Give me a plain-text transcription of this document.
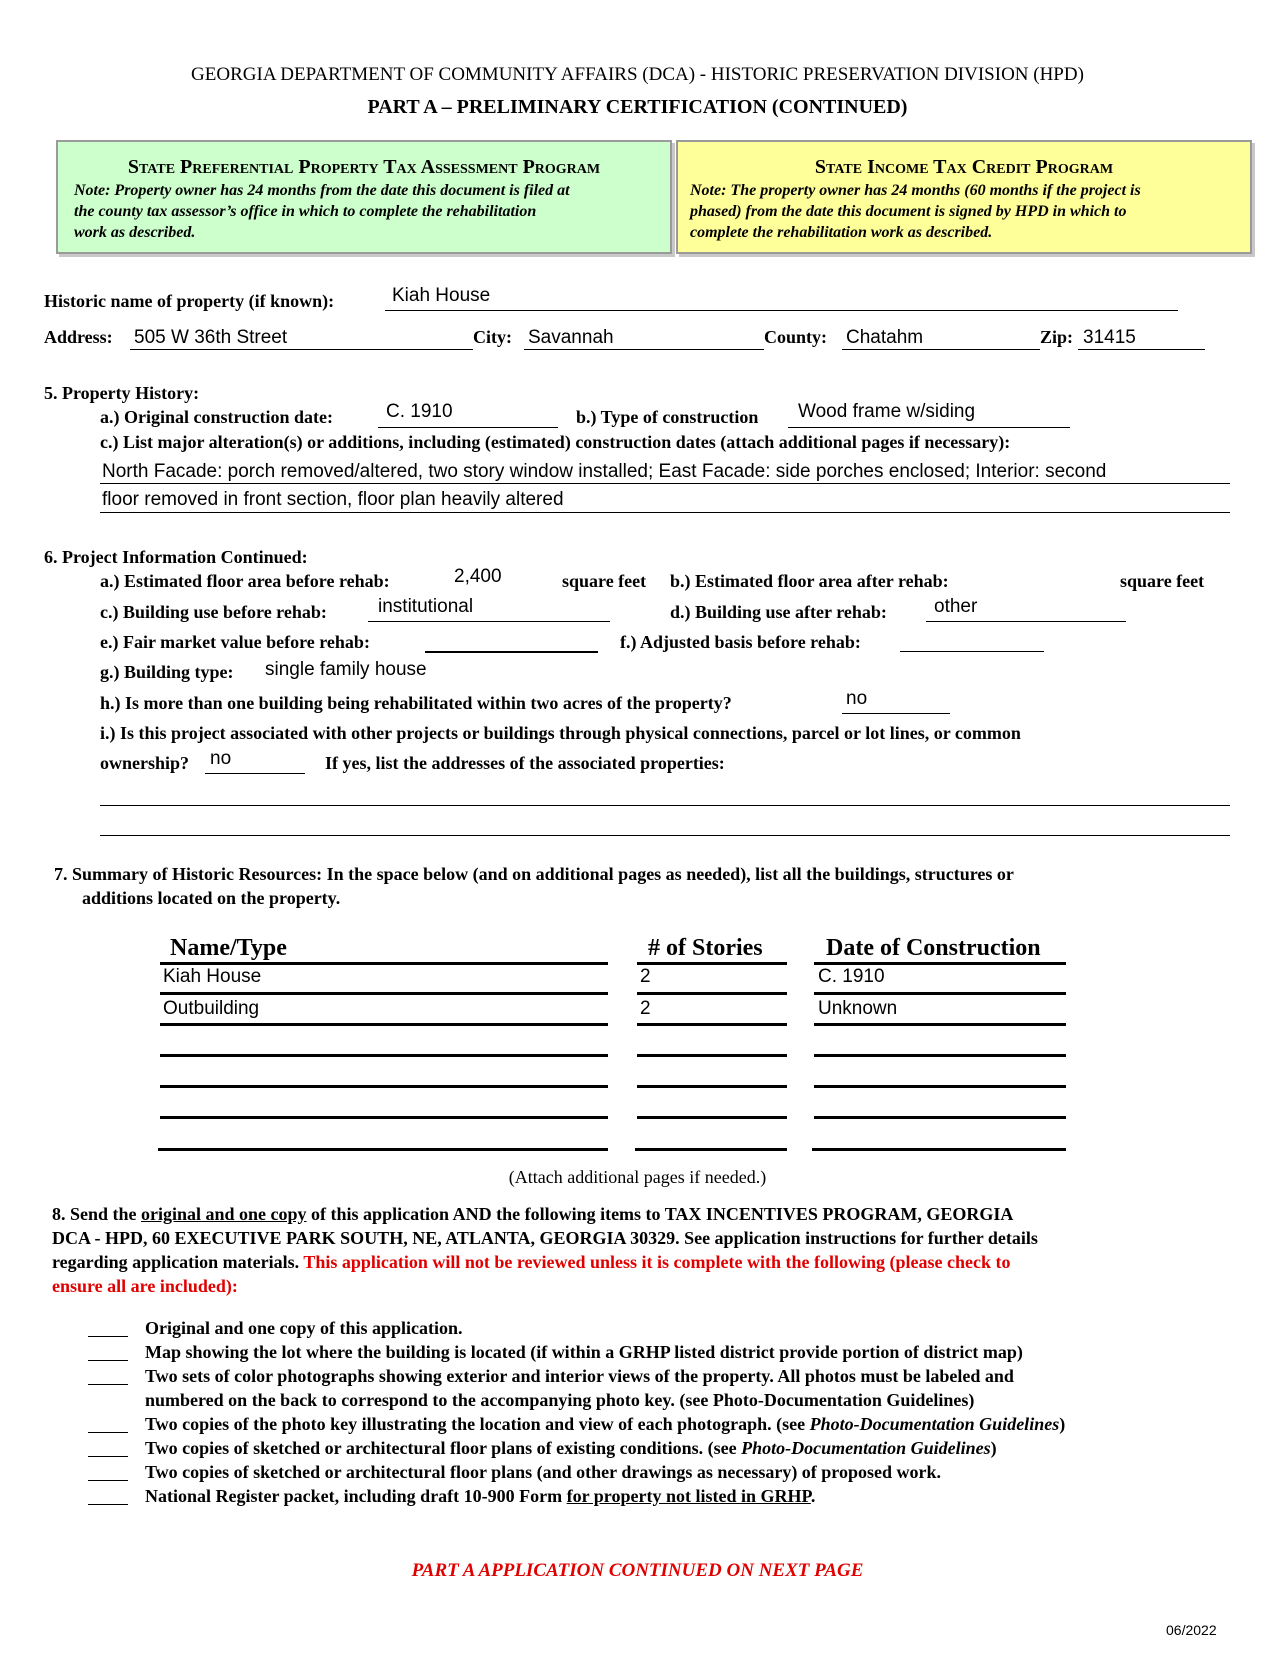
GEORGIA DEPARTMENT OF COMMUNITY AFFAIRS (DCA) - HISTORIC PRESERVATION DIVISION (HPD)
PART A – PRELIMINARY CERTIFICATION (CONTINUED)
State Preferential Property Tax Assessment Program
Note: Property owner has 24 months from the date this document is filed at
the county tax assessor’s office in which to complete the rehabilitation
work as described.
State Income Tax Credit Program
Note: The property owner has 24 months (60 months if the project is
phased) from the date this document is signed by HPD in which to
complete the rehabilitation work as described.
Historic name of property (if known):	Kiah House
Address: 505 W 36th Street	City: Savannah	County: Chatahm	Zip: 31415
5. Property History:
a.) Original construction date:	C. 1910	b.) Type of construction Wood frame w/siding
c.) List major alteration(s) or additions, including (estimated) construction dates (attach additional pages if necessary):
North Facade: porch removed/altered, two story window installed; East Facade: side porches enclosed; Interior: second
floor removed in front section, floor plan heavily altered
6. Project Information Continued:
a.) Estimated floor area before rehab:	2,400	square feet b.) Estimated floor area after rehab:	square feet
c.) Building use before rehab:	institutional	d.) Building use after rehab: other
e.) Fair market value before rehab:	f.) Adjusted basis before rehab:
g.) Building type: single family house
h.) Is more than one building being rehabilitated within two acres of the property?	no
i.) Is this project associated with other projects or buildings through physical connections, parcel or lot lines, or common
ownership? no	If yes, list the addresses of the associated properties:
7. Summary of Historic Resources: In the space below (and on additional pages as needed), list all the buildings, structures or
additions located on the property.
Name/Type	# of Stories	Date of Construction
Kiah House	2	C. 1910
Outbuilding	2	Unknown
(Attach additional pages if needed.)
8. Send the original and one copy of this application AND the following items to TAX INCENTIVES PROGRAM, GEORGIA
DCA - HPD, 60 EXECUTIVE PARK SOUTH, NE, ATLANTA, GEORGIA 30329. See application instructions for further details
regarding application materials. This application will not be reviewed unless it is complete with the following (please check to
ensure all are included):
Original and one copy of this application.
Map showing the lot where the building is located (if within a GRHP listed district provide portion of district map)
Two sets of color photographs showing exterior and interior views of the property. All photos must be labeled and
numbered on the back to correspond to the accompanying photo key. (see Photo-Documentation Guidelines)
Two copies of the photo key illustrating the location and view of each photograph. (see Photo-Documentation Guidelines)
Two copies of sketched or architectural floor plans of existing conditions. (see Photo-Documentation Guidelines)
Two copies of sketched or architectural floor plans (and other drawings as necessary) of proposed work.
National Register packet, including draft 10-900 Form for property not listed in GRHP.
PART A APPLICATION CONTINUED ON NEXT PAGE
06/2022
